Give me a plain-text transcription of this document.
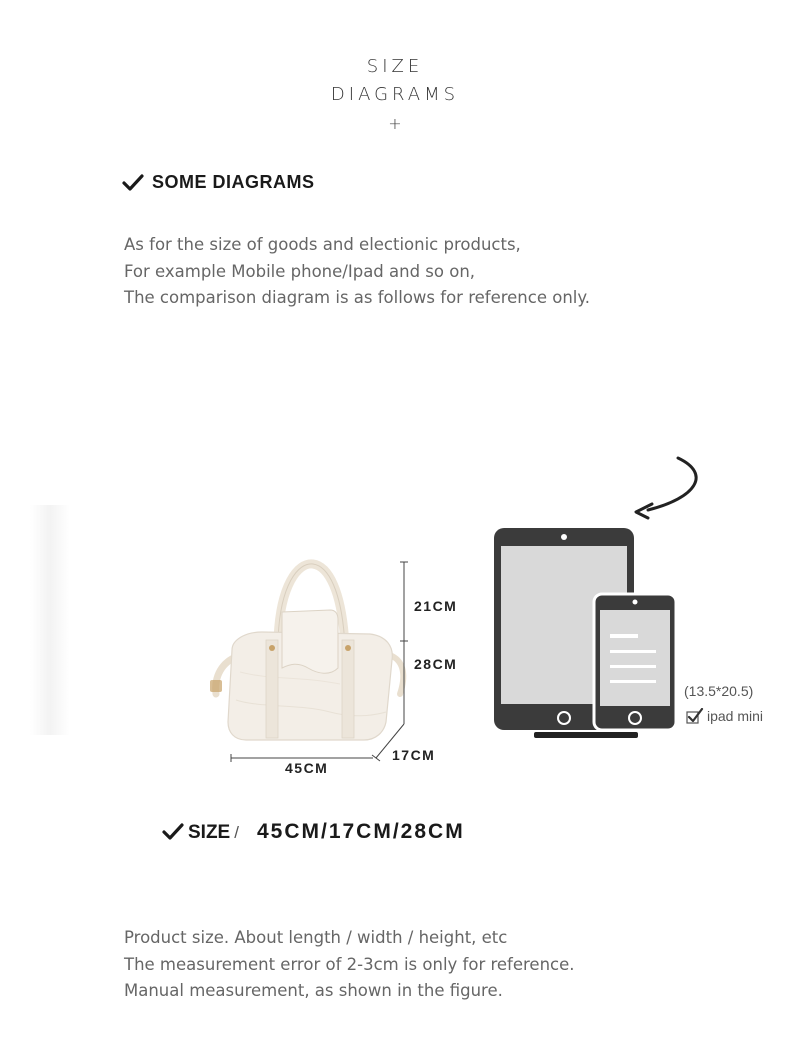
SIZE
DIAGRAMS
+
SOME DIAGRAMS
As for the size of goods and electionic products,
For example Mobile phone/Ipad and so on,
The comparison diagram is as follows for reference only.
21CM
28CM
17CM
45CM
(13.5*20.5)
ipad mini
SIZE / 45CM/17CM/28CM
Product size. About length / width / height, etc
The measurement error of 2-3cm is only for reference.
Manual measurement, as shown in the figure.
